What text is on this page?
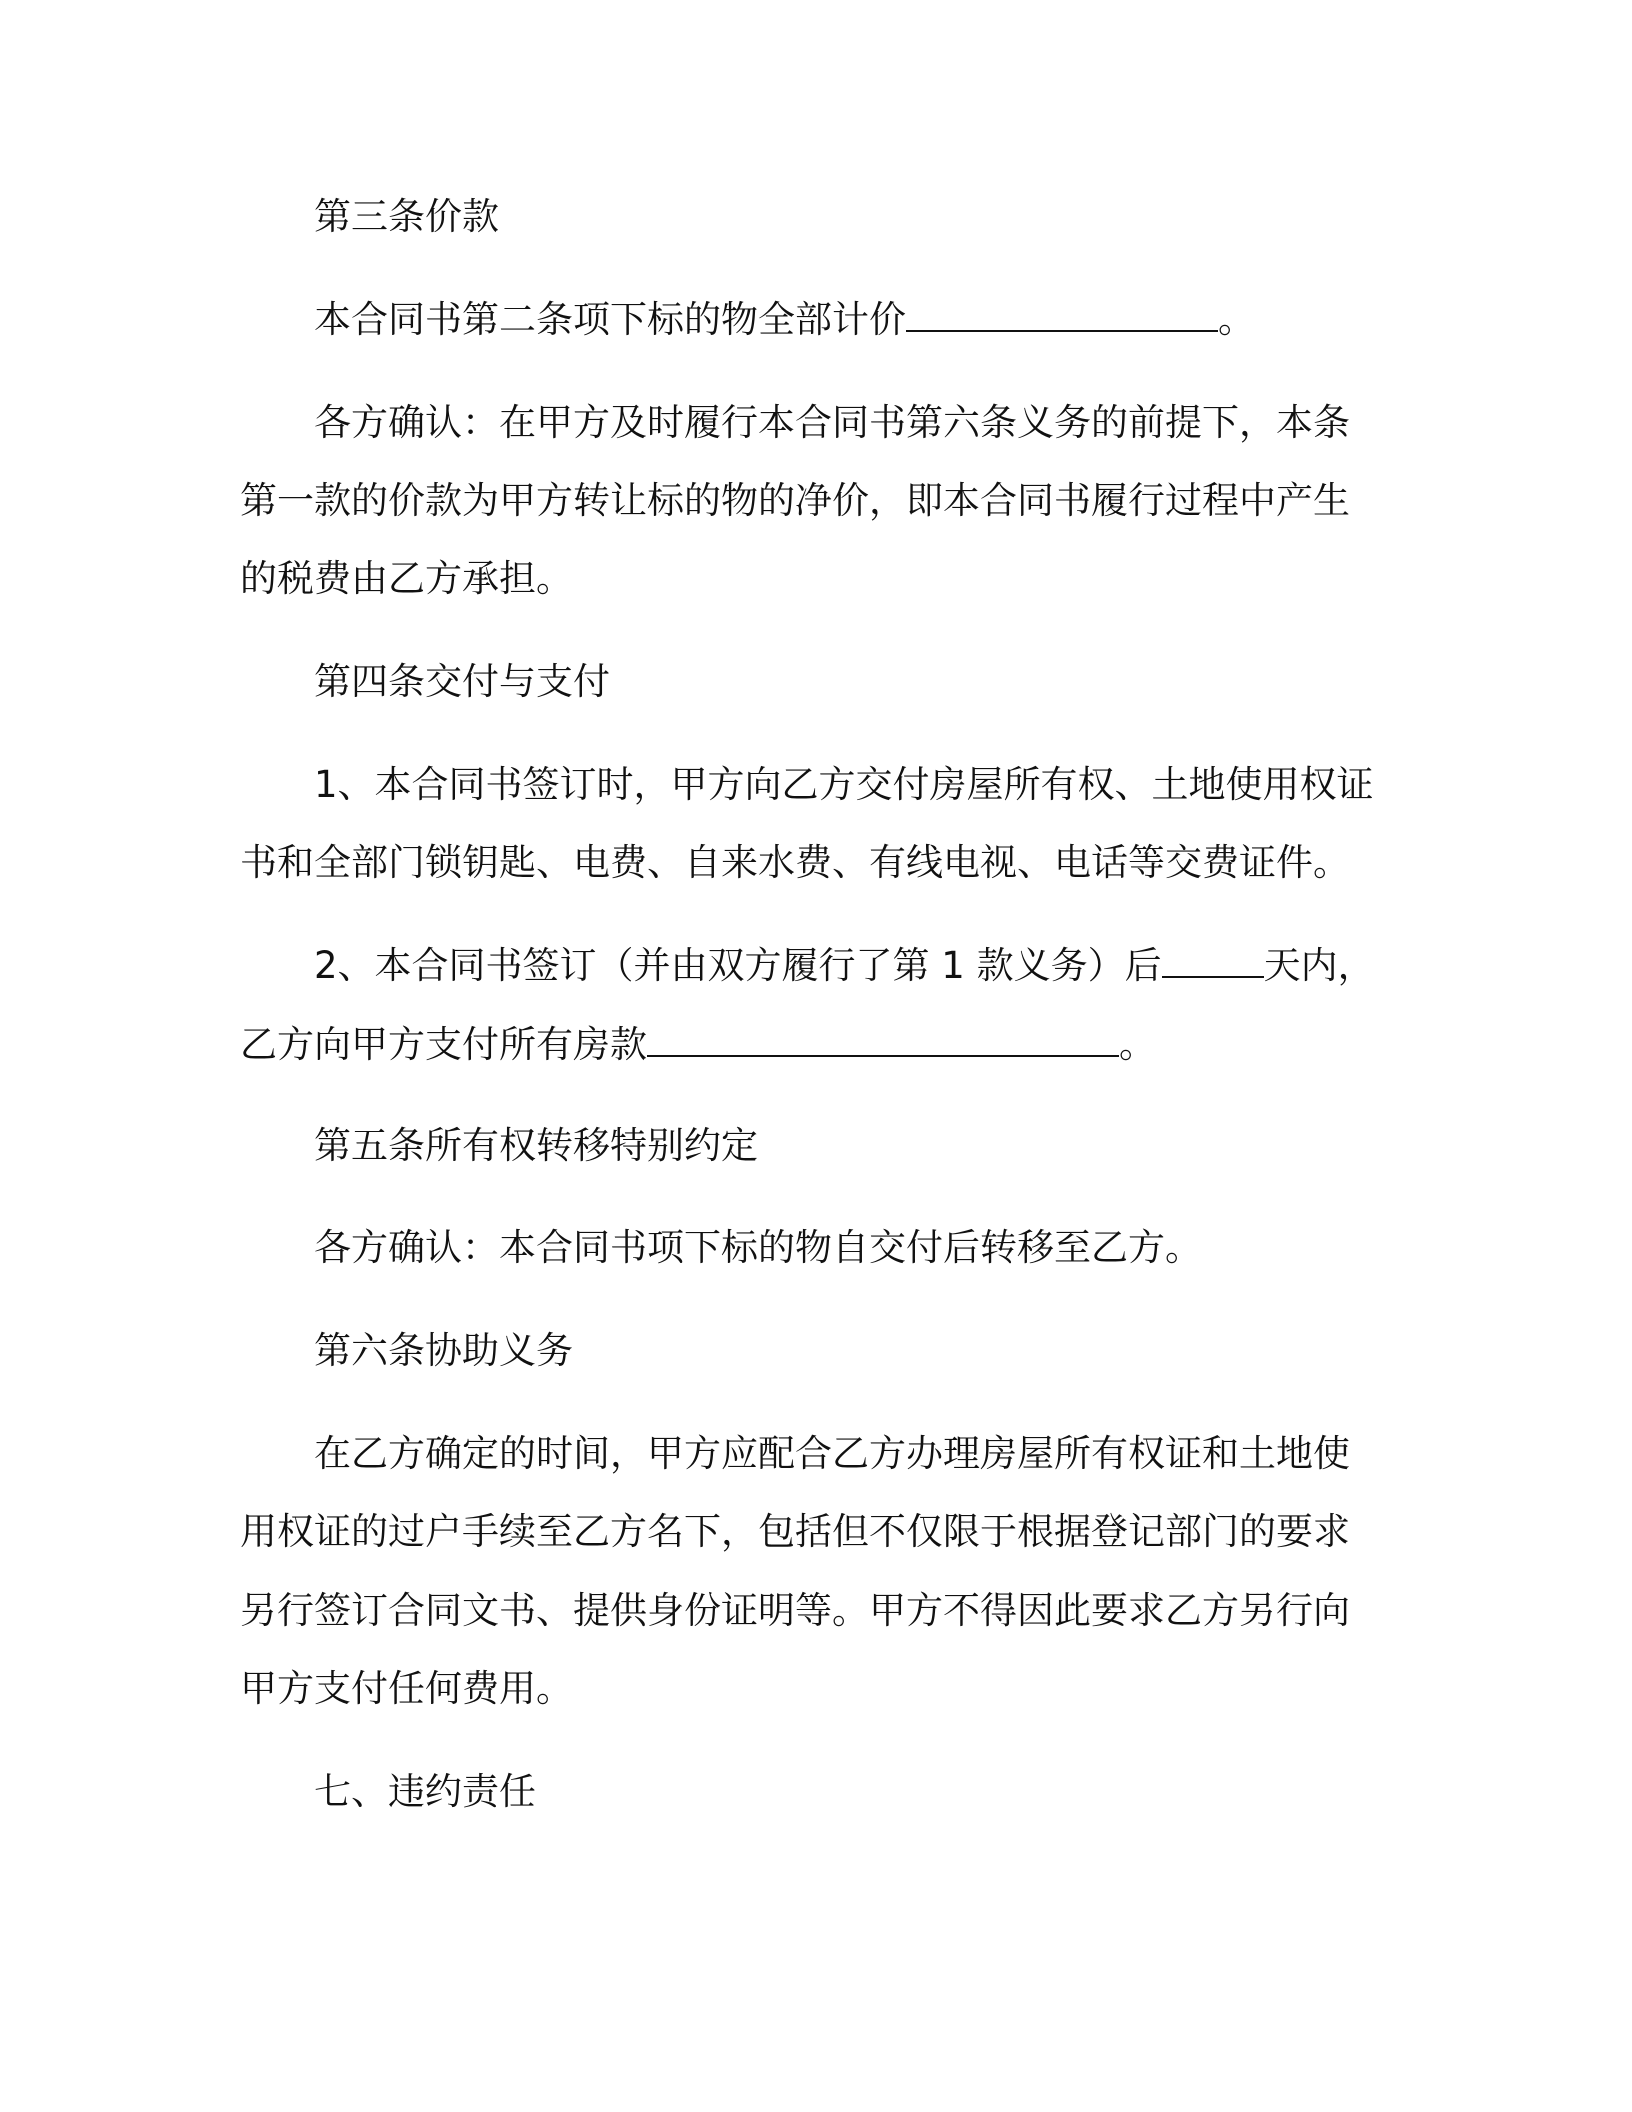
第三条价款
本合同书第二条项下标的物全部计价	。
各方确认：在甲方及时履行本合同书第六条义务的前提下，本条
第一款的价款为甲方转让标的物的净价，即本合同书履行过程中产生
的税费由乙方承担。
第四条交付与支付
1、本合同书签订时，甲方向乙方交付房屋所有权、土地使用权证
书和全部门锁钥匙、电费、自来水费、有线电视、电话等交费证件。
2、本合同书签订（并由双方履行了第 1 款义务）后	天内，
乙方向甲方支付所有房款	。
第五条所有权转移特别约定
各方确认：本合同书项下标的物自交付后转移至乙方。
第六条协助义务
在乙方确定的时间，甲方应配合乙方办理房屋所有权证和土地使
用权证的过户手续至乙方名下，包括但不仅限于根据登记部门的要求
另行签订合同文书、提供身份证明等。甲方不得因此要求乙方另行向
甲方支付任何费用。
七、违约责任
